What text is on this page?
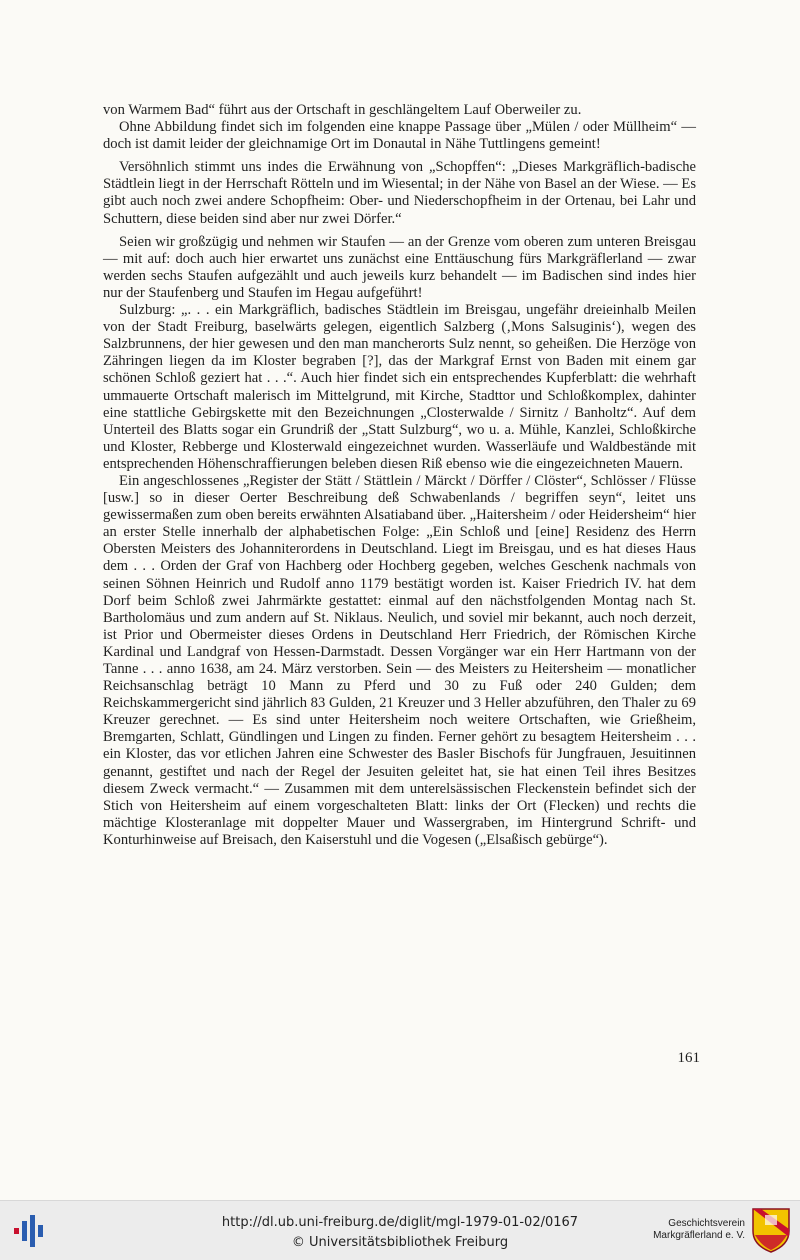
von Warmem Bad“ führt aus der Ortschaft in geschlängeltem Lauf Oberweiler zu.

Ohne Abbildung findet sich im folgenden eine knappe Passage über „Mülen / oder Müllheim“ — doch ist damit leider der gleichnamige Ort im Donautal in Nähe Tuttlingens gemeint!

Versöhnlich stimmt uns indes die Erwähnung von „Schopffen“: „Dieses Markgräflich-badische Städtlein liegt in der Herrschaft Rötteln und im Wiesental; in der Nähe von Basel an der Wiese. — Es gibt auch noch zwei andere Schopfheim: Ober- und Niederschopfheim in der Ortenau, bei Lahr und Schuttern, diese beiden sind aber nur zwei Dörfer.“

Seien wir großzügig und nehmen wir Staufen — an der Grenze vom oberen zum unteren Breisgau — mit auf: doch auch hier erwartet uns zunächst eine Enttäuschung fürs Markgräflerland — zwar werden sechs Staufen aufgezählt und auch jeweils kurz behandelt — im Badischen sind indes hier nur der Staufenberg und Staufen im Hegau aufgeführt!

Sulzburg: „. . . ein Markgräflich, badisches Städtlein im Breisgau, ungefähr dreieinhalb Meilen von der Stadt Freiburg, baselwärts gelegen, eigentlich Salzberg (‚Mons Salsuginis‘), wegen des Salzbrunnens, der hier gewesen und den man mancherorts Sulz nennt, so geheißen. Die Herzöge von Zähringen liegen da im Kloster begraben [?], das der Markgraf Ernst von Baden mit einem gar schönen Schloß geziert hat . . .“. Auch hier findet sich ein entsprechendes Kupferblatt: die wehrhaft ummauerte Ortschaft malerisch im Mittelgrund, mit Kirche, Stadttor und Schloßkomplex, dahinter eine stattliche Gebirgskette mit den Bezeichnungen „Closterwalde / Sirnitz / Banholtz“. Auf dem Unterteil des Blatts sogar ein Grundriß der „Statt Sulzburg“, wo u. a. Mühle, Kanzlei, Schloßkirche und Kloster, Rebberge und Klosterwald eingezeichnet wurden. Wasserläufe und Waldbestände mit entsprechenden Höhenschraffierungen beleben diesen Riß ebenso wie die eingezeichneten Mauern.

Ein angeschlossenes „Register der Stätt / Stättlein / Märckt / Dörffer / Clöster“, Schlösser / Flüsse [usw.] so in dieser Oerter Beschreibung deß Schwabenlands / begriffen seyn“, leitet uns gewissermaßen zum oben bereits erwähnten Alsatiaband über. „Haitersheim / oder Heidersheim“ hier an erster Stelle innerhalb der alphabetischen Folge: „Ein Schloß und [eine] Residenz des Herrn Obersten Meisters des Johanniterordens in Deutschland. Liegt im Breisgau, und es hat dieses Haus dem . . . Orden der Graf von Hachberg oder Hochberg gegeben, welches Geschenk nachmals von seinen Söhnen Heinrich und Rudolf anno 1179 bestätigt worden ist. Kaiser Friedrich IV. hat dem Dorf beim Schloß zwei Jahrmärkte gestattet: einmal auf den nächstfolgenden Montag nach St. Bartholomäus und zum andern auf St. Niklaus. Neulich, und soviel mir bekannt, auch noch derzeit, ist Prior und Obermeister dieses Ordens in Deutschland Herr Friedrich, der Römischen Kirche Kardinal und Landgraf von Hessen-Darmstadt. Dessen Vorgänger war ein Herr Hartmann von der Tanne . . . anno 1638, am 24. März verstorben. Sein — des Meisters zu Heitersheim — monatlicher Reichsanschlag beträgt 10 Mann zu Pferd und 30 zu Fuß oder 240 Gulden; dem Reichskammergericht sind jährlich 83 Gulden, 21 Kreuzer und 3 Heller abzuführen, den Thaler zu 69 Kreuzer gerechnet. — Es sind unter Heitersheim noch weitere Ortschaften, wie Grießheim, Bremgarten, Schlatt, Gündlingen und Lingen zu finden. Ferner gehört zu besagtem Heitersheim . . . ein Kloster, das vor etlichen Jahren eine Schwester des Basler Bischofs für Jungfrauen, Jesuitinnen genannt, gestiftet und nach der Regel der Jesuiten geleitet hat, sie hat einen Teil ihres Besitzes diesem Zweck vermacht.“ — Zusammen mit dem unterelsässischen Fleckenstein befindet sich der Stich von Heitersheim auf einem vorgeschalteten Blatt: links der Ort (Flecken) und rechts die mächtige Klosteranlage mit doppelter Mauer und Wassergraben, im Hintergrund Schrift- und Konturhinweise auf Breisach, den Kaiserstuhl und die Vogesen („Elsaßisch gebürge“).

161
http://dl.ub.uni-freiburg.de/diglit/mgl-1979-01-02/0167
© Universitätsbibliothek Freiburg
Geschichtsverein
Markgräflerland e. V.
